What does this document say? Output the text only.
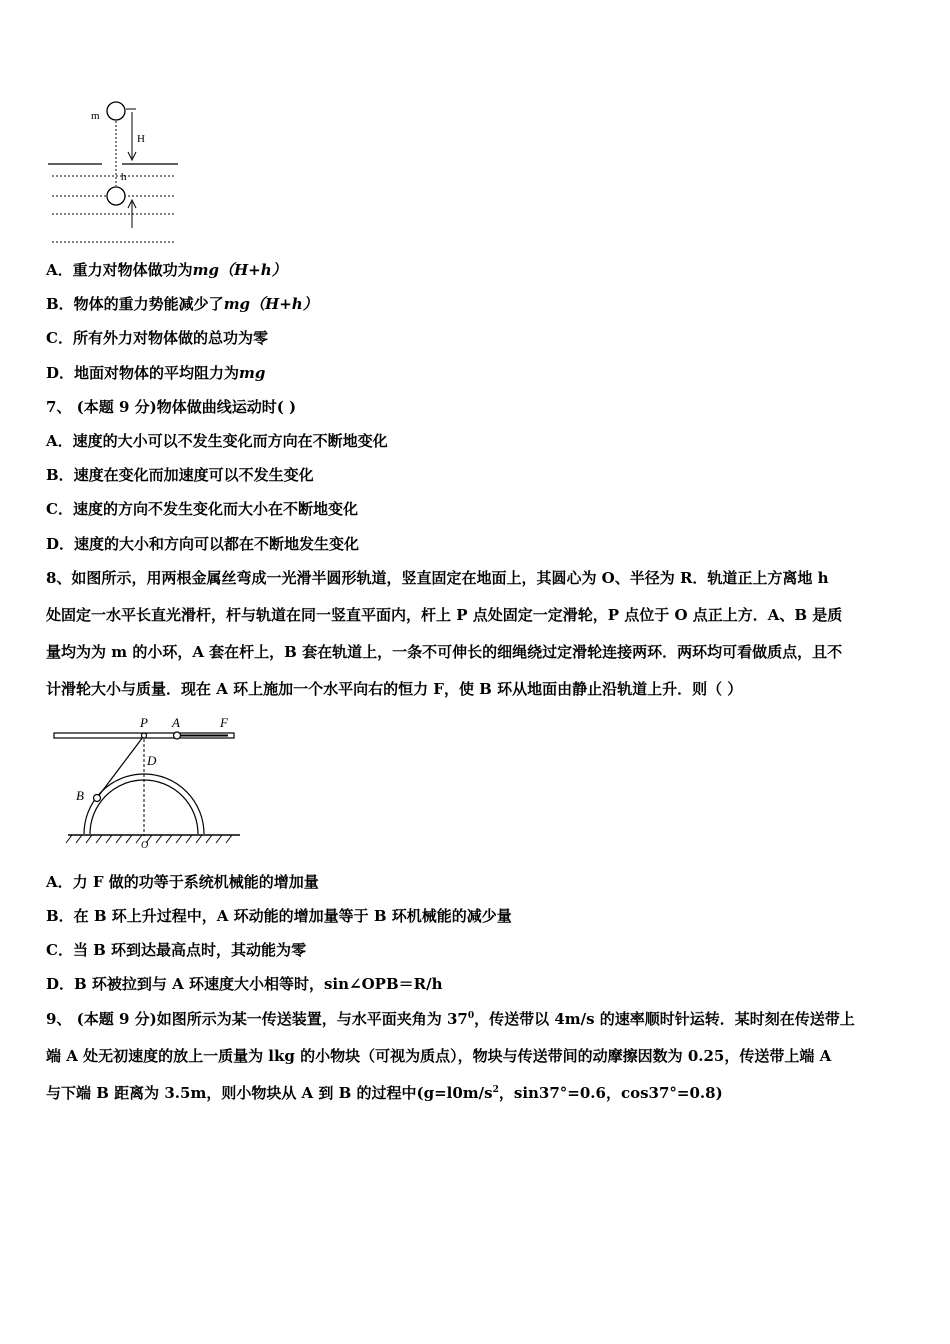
m
H
h
A．重力对物体做功为mg（H+h）
B．物体的重力势能减少了mg（H+h）
C．所有外力对物体做的总功为零
D．地面对物体的平均阻力为mg
7、 (本题 9 分)物体做曲线运动时( )
A．速度的大小可以不发生变化而方向在不断地变化
B．速度在变化而加速度可以不发生变化
C．速度的方向不发生变化而大小在不断地变化
D．速度的大小和方向可以都在不断地发生变化
8、如图所示，用两根金属丝弯成一光滑半圆形轨道，竖直固定在地面上，其圆心为 O、半径为 R．轨道正上方离地 h
处固定一水平长直光滑杆，杆与轨道在同一竖直平面内，杆上 P 点处固定一定滑轮，P 点位于 O 点正上方．A、B 是质
量均为为 m 的小环，A 套在杆上，B 套在轨道上，一条不可伸长的细绳绕过定滑轮连接两环．两环均可看做质点，且不
计滑轮大小与质量．现在 A 环上施加一个水平向右的恒力 F，使 B 环从地面由静止沿轨道上升．则（ ）
P A	F
D
B
O
A．力 F 做的功等于系统机械能的增加量
B．在 B 环上升过程中，A 环动能的增加量等于 B 环机械能的减少量
C．当 B 环到达最高点时，其动能为零
D．B 环被拉到与 A 环速度大小相等时，sin∠OPB＝R/h
9、 (本题 9 分)如图所示为某一传送装置，与水平面夹角为 $37^0$，传送带以 4m/s 的速率顺时针运转．某时刻在传送带上
端 A 处无初速度的放上一质量为 lkg 的小物块（可视为质点），物块与传送带间的动摩擦因数为 0.25，传送带上端 A
与下端 B 距离为 3.5m，则小物块从 A 到 B 的过程中($g=l0m/s^2$，sin37°=0.6，cos37°=0.8)
